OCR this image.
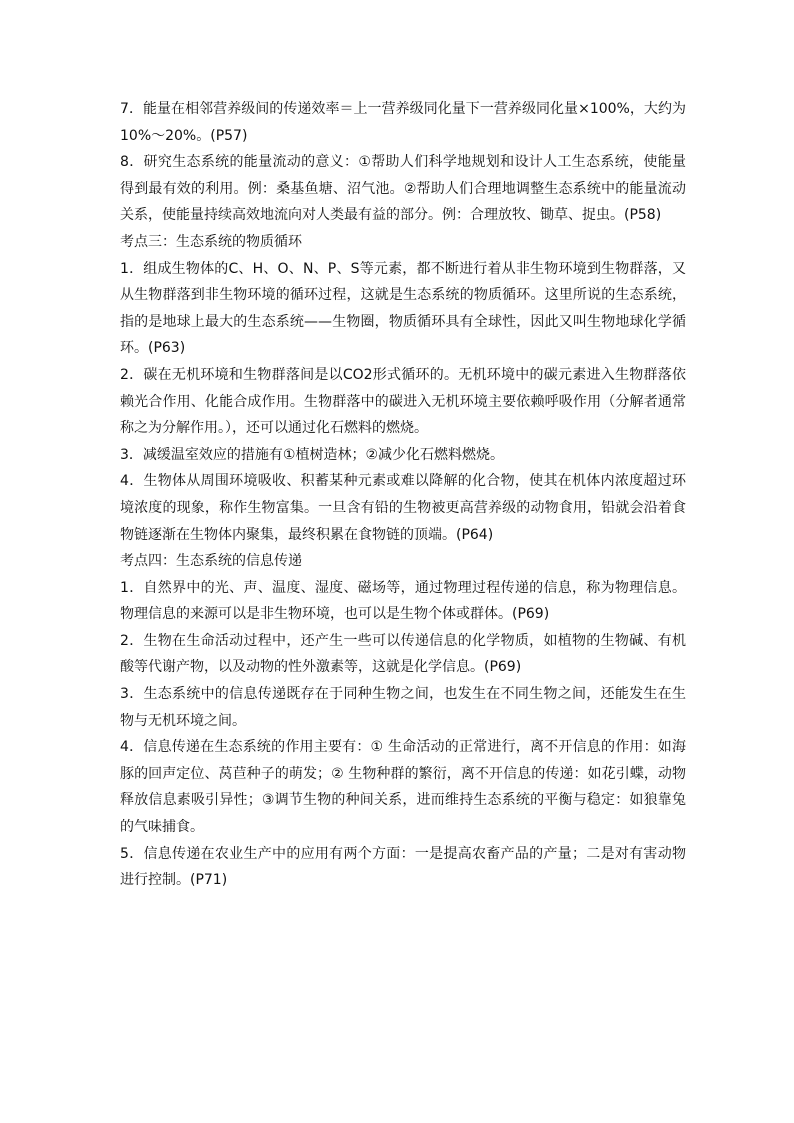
7．能量在相邻营养级间的传递效率＝上一营养级同化量下一营养级同化量×100%，大约为10%～20%。(P57)

8．研究生态系统的能量流动的意义：①帮助人们科学地规划和设计人工生态系统，使能量得到最有效的利用。例：桑基鱼塘、沼气池。②帮助人们合理地调整生态系统中的能量流动关系，使能量持续高效地流向对人类最有益的部分。例：合理放牧、锄草、捉虫。(P58)

考点三：生态系统的物质循环

1．组成生物体的C、H、O、N、P、S等元素，都不断进行着从非生物环境到生物群落，又从生物群落到非生物环境的循环过程，这就是生态系统的物质循环。这里所说的生态系统，指的是地球上最大的生态系统——生物圈，物质循环具有全球性，因此又叫生物地球化学循环。(P63)

2．碳在无机环境和生物群落间是以CO2形式循环的。无机环境中的碳元素进入生物群落依赖光合作用、化能合成作用。生物群落中的碳进入无机环境主要依赖呼吸作用（分解者通常称之为分解作用。），还可以通过化石燃料的燃烧。

3．减缓温室效应的措施有①植树造林；②减少化石燃料燃烧。

4．生物体从周围环境吸收、积蓄某种元素或难以降解的化合物，使其在机体内浓度超过环境浓度的现象，称作生物富集。一旦含有铅的生物被更高营养级的动物食用，铅就会沿着食物链逐渐在生物体内聚集，最终积累在食物链的顶端。(P64)

考点四：生态系统的信息传递

1．自然界中的光、声、温度、湿度、磁场等，通过物理过程传递的信息，称为物理信息。物理信息的来源可以是非生物环境，也可以是生物个体或群体。(P69)

2．生物在生命活动过程中，还产生一些可以传递信息的化学物质，如植物的生物碱、有机酸等代谢产物，以及动物的性外激素等，这就是化学信息。(P69)

3．生态系统中的信息传递既存在于同种生物之间，也发生在不同生物之间，还能发生在生物与无机环境之间。

4．信息传递在生态系统的作用主要有：① 生命活动的正常进行，离不开信息的作用：如海豚的回声定位、莴苣种子的萌发；② 生物种群的繁衍，离不开信息的传递：如花引蝶，动物释放信息素吸引异性；③调节生物的种间关系，进而维持生态系统的平衡与稳定：如狼靠兔的气味捕食。

5．信息传递在农业生产中的应用有两个方面：一是提高农畜产品的产量；二是对有害动物进行控制。(P71)
